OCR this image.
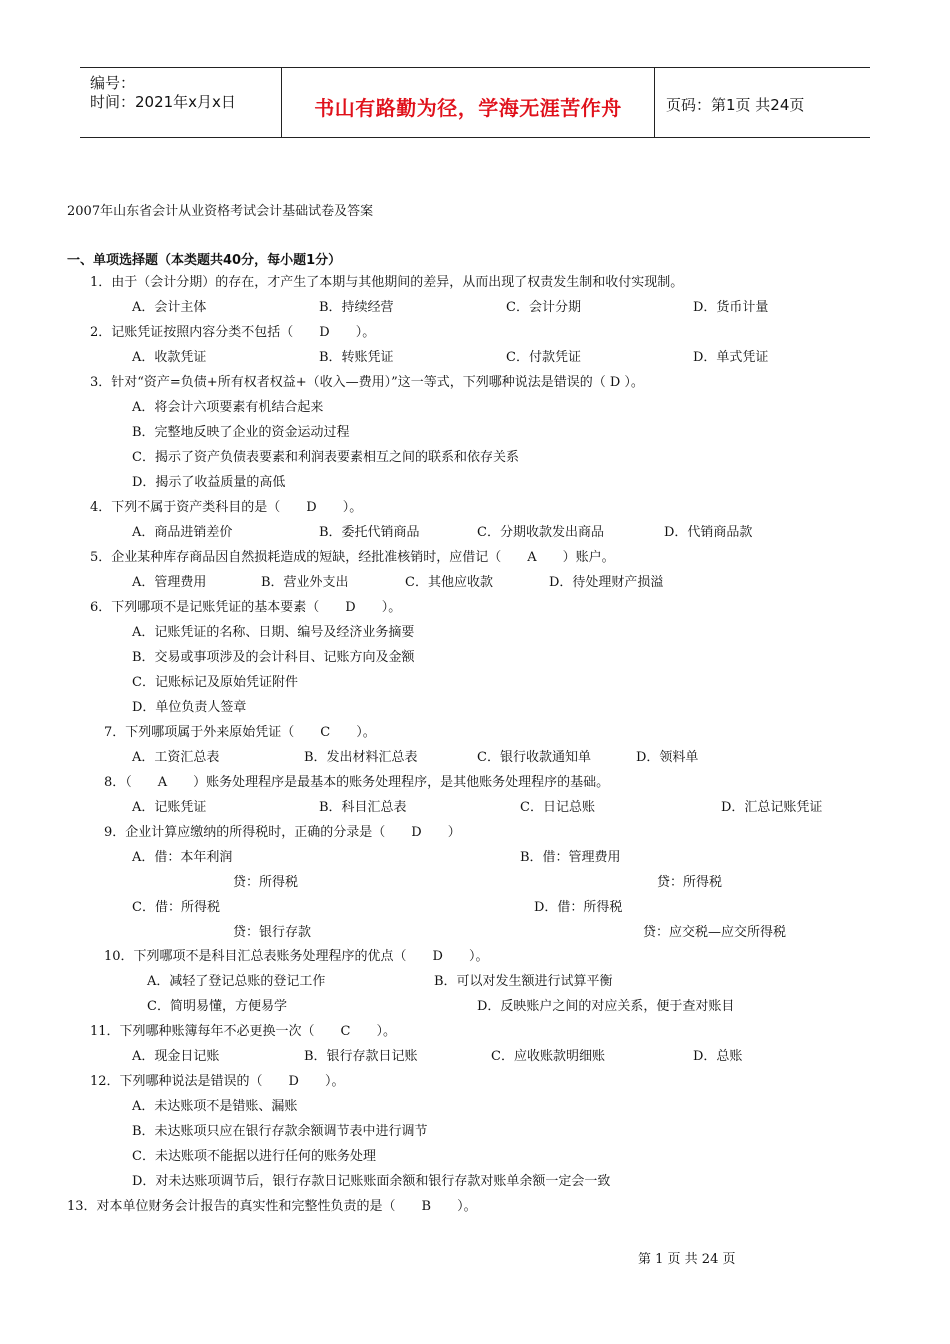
编号：
时间：2021年x月x日	书山有路勤为径，学海无涯苦作舟	页码：第1页 共24页
2007年山东省会计从业资格考试会计基础试卷及答案
一、单项选择题（本类题共40分，每小题1分）
1．由于（会计分期）的存在，才产生了本期与其他期间的差异，从而出现了权责发生制和收付实现制。
A．会计主体	B．持续经营	C．会计分期	D．货币计量
2．记账凭证按照内容分类不包括（　　D　　）。
A．收款凭证	B．转账凭证	C．付款凭证	D．单式凭证
3．针对“资产=负债+所有权者权益+（收入—费用）”这一等式，下列哪种说法是错误的（ D ）。
A．将会计六项要素有机结合起来
B．完整地反映了企业的资金运动过程
C．揭示了资产负债表要素和利润表要素相互之间的联系和依存关系
D．揭示了收益质量的高低
4．下列不属于资产类科目的是（　　D　　）。
A．商品进销差价	B．委托代销商品	C．分期收款发出商品	D．代销商品款
5．企业某种库存商品因自然损耗造成的短缺，经批准核销时，应借记（　　A　　）账户。
A．管理费用	B．营业外支出	C．其他应收款	D．待处理财产损溢
6．下列哪项不是记账凭证的基本要素（　　D　　）。
A．记账凭证的名称、日期、编号及经济业务摘要
B．交易或事项涉及的会计科目、记账方向及金额
C．记账标记及原始凭证附件
D．单位负责人签章
7．下列哪项属于外来原始凭证（　　C　　）。
A．工资汇总表	B．发出材料汇总表	C．银行收款通知单	D．领料单
8．（　　A　　）账务处理程序是最基本的账务处理程序，是其他账务处理程序的基础。
A．记账凭证	B．科目汇总表	C．日记总账	D．汇总记账凭证
9．企业计算应缴纳的所得税时，正确的分录是（　　D　　）
A．借：本年利润
贷：所得税
B．借：管理费用
贷：所得税
C．借：所得税
贷：银行存款
D．借：所得税
贷：应交税—应交所得税
10．下列哪项不是科目汇总表账务处理程序的优点（　　D　　）。
A．减轻了登记总账的登记工作	B．可以对发生额进行试算平衡
C．简明易懂，方便易学	D．反映账户之间的对应关系，便于查对账目
11．下列哪种账簿每年不必更换一次（　　C　　）。
A．现金日记账	B．银行存款日记账	C．应收账款明细账	D．总账
12．下列哪种说法是错误的（　　D　　）。
A．未达账项不是错账、漏账
B．未达账项只应在银行存款余额调节表中进行调节
C．未达账项不能据以进行任何的账务处理
D．对未达账项调节后，银行存款日记账账面余额和银行存款对账单余额一定会一致
13．对本单位财务会计报告的真实性和完整性负责的是（　　B　　）。
第 1 页 共 24 页
